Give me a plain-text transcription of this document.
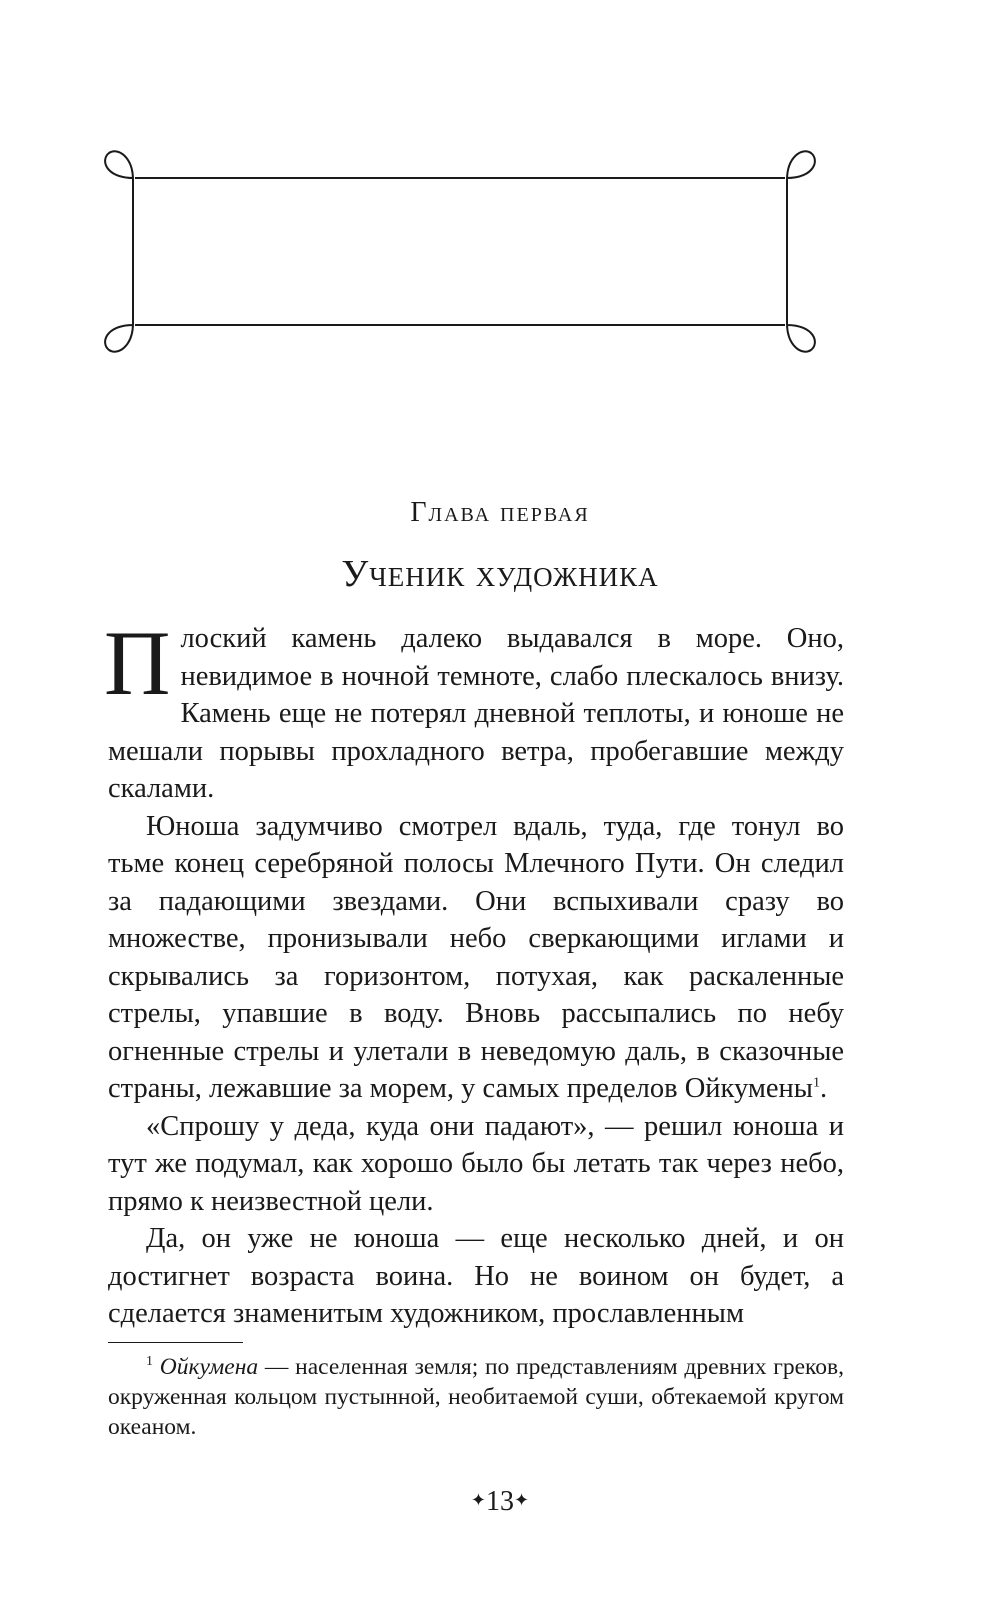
Глава первая
Ученик художника

Плоский камень далеко выдавался в море. Оно, невидимое в ночной темноте, слабо плескалось внизу. Камень еще не потерял дневной теплоты, и юноше не мешали порывы прохладного ветра, пробегавшие между скалами.

Юноша задумчиво смотрел вдаль, туда, где тонул во тьме конец серебряной полосы Млечного Пути. Он следил за падающими звездами. Они вспыхивали сразу во множестве, пронизывали небо сверкающими иглами и скрывались за горизонтом, потухая, как раскаленные стрелы, упавшие в воду. Вновь рассыпались по небу огненные стрелы и улетали в неведомую даль, в сказочные страны, лежавшие за морем, у самых пределов Ойкумены$^1$.

«Спрошу у деда, куда они падают», — решил юноша и тут же подумал, как хорошо было бы летать так через небо, прямо к неизвестной цели.

Да, он уже не юноша — еще несколько дней, и он достигнет возраста воина. Но не воином он будет, а сделается знаменитым художником, прославленным

$^1$ Ойкумена — населенная земля; по представлениям древних греков, окруженная кольцом пустынной, необитаемой суши, обтекаемой кругом океаном.

✦13✦
